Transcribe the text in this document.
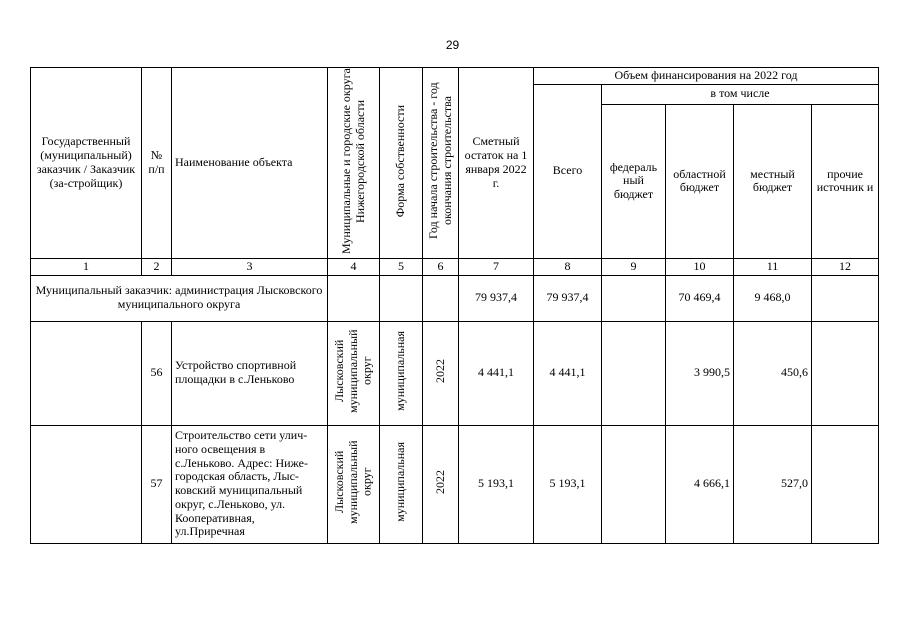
29
Государственный (муниципальный) заказчик / Заказчик (за-стройщик)	№ п/п	Наименование объекта	Муниципальные и городские округа Нижегородской области	Форма собственности	Год начала строительства - год окончания строительства	Сметный остаток на 1 января 2022 г.	Объем финансирования на 2022 год				
							Всего	в том числе			
								федераль ный бюджет	областной бюджет	местный бюджет	прочие источник и
1	2	3	4	5	6	7	8	9	10	11	12
Муниципальный заказчик: администрация Лысковского муниципального округа						79 937,4	79 937,4		70 469,4	9 468,0	
	56	Устройство спортивной площадки в с.Леньково	Лысковский муниципальный округ	муниципальная	2022	4 441,1	4 441,1		3 990,5	450,6	
	57	Строительство сети улич-ного освещения в с.Леньково. Адрес: Ниже-городская область, Лыс-ковский муниципальный округ, с.Леньково, ул. Кооперативная, ул.Приречная	Лысковский муниципальный округ	муниципальная	2022	5 193,1	5 193,1		4 666,1	527,0	
